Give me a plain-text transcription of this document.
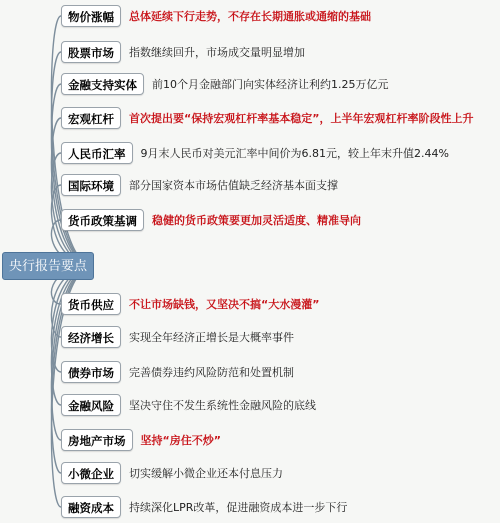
央行报告要点
物价涨幅	总体延续下行走势，不存在长期通胀或通缩的基础
股票市场	指数继续回升，市场成交量明显增加
金融支持实体	前10个月金融部门向实体经济让利约1.25万亿元
宏观杠杆	首次提出要“保持宏观杠杆率基本稳定”，上半年宏观杠杆率阶段性上升
人民币汇率	9月末人民币对美元汇率中间价为6.81元，较上年末升值2.44%
国际环境	部分国家资本市场估值缺乏经济基本面支撑
货币政策基调	稳健的货币政策要更加灵活适度、精准导向
货币供应	不让市场缺钱，又坚决不搞“大水漫灌”
经济增长	实现全年经济正增长是大概率事件
债券市场	完善债券违约风险防范和处置机制
金融风险	坚决守住不发生系统性金融风险的底线
房地产市场	坚持“房住不炒”
小微企业	切实缓解小微企业还本付息压力
融资成本	持续深化LPR改革，促进融资成本进一步下行
